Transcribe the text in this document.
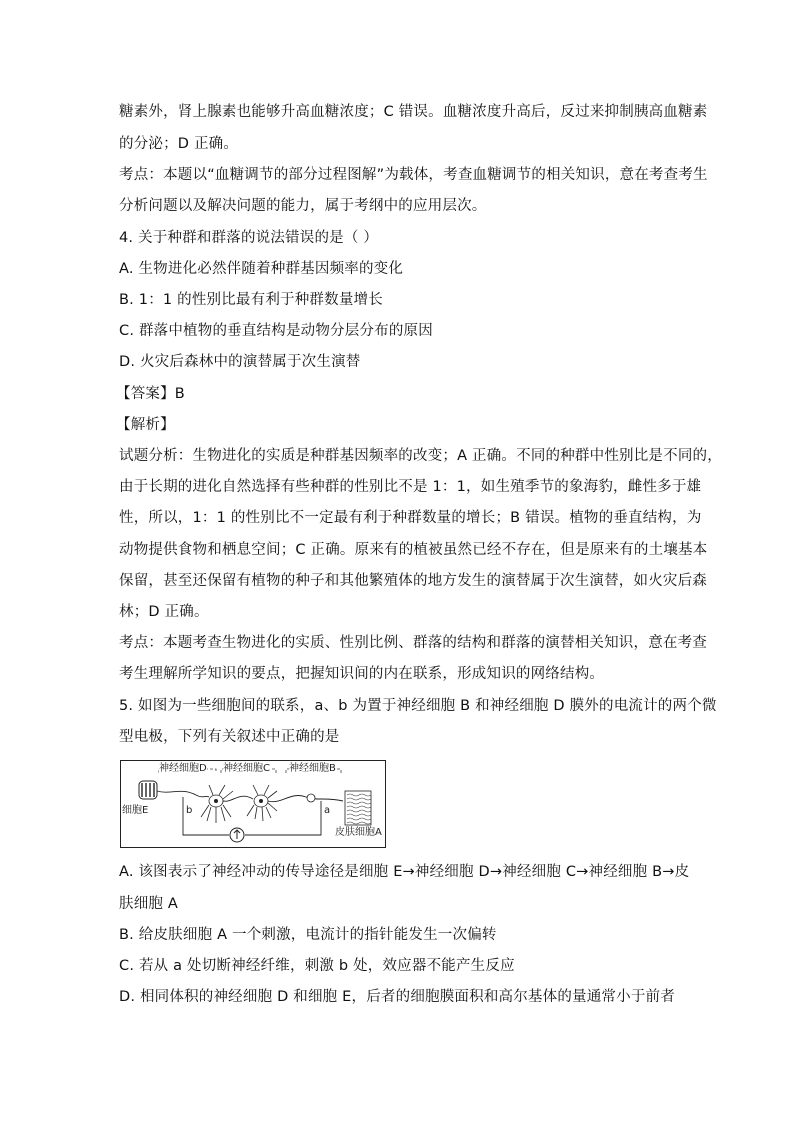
糖素外，肾上腺素也能够升高血糖浓度；C 错误。血糖浓度升高后，反过来抑制胰高血糖素
的分泌；D 正确。
考点：本题以“血糖调节的部分过程图解”为载体，考查血糖调节的相关知识，意在考查考生
分析问题以及解决问题的能力，属于考纲中的应用层次。
4. 关于种群和群落的说法错误的是（ ）
A. 生物进化必然伴随着种群基因频率的变化
B. 1：1 的性别比最有利于种群数量增长
C. 群落中植物的垂直结构是动物分层分布的原因
D. 火灾后森林中的演替属于次生演替
【答案】B
【解析】
试题分析：生物进化的实质是种群基因频率的改变；A 正确。不同的种群中性别比是不同的，
由于长期的进化自然选择有些种群的性别比不是 1：1，如生殖季节的象海豹，雌性多于雄
性，所以，1：1 的性别比不一定最有利于种群数量的增长；B 错误。植物的垂直结构，为
动物提供食物和栖息空间；C 正确。原来有的植被虽然已经不存在，但是原来有的土壤基本
保留，甚至还保留有植物的种子和其他繁殖体的地方发生的演替属于次生演替，如火灾后森
林；D 正确。
考点：本题考查生物进化的实质、性别比例、群落的结构和群落的演替相关知识，意在考查
考生理解所学知识的要点，把握知识间的内在联系，形成知识的网络结构。
5. 如图为一些细胞间的联系，a、b 为置于神经细胞 B 和神经细胞 D 膜外的电流计的两个微
型电极，下列有关叙述中正确的是
神经细胞D 神经细胞C 神经细胞B
细胞E
皮肤细胞A
b	a
A. 该图表示了神经冲动的传导途径是细胞 E→神经细胞 D→神经细胞 C→神经细胞 B→皮
肤细胞 A
B. 给皮肤细胞 A 一个刺激，电流计的指针能发生一次偏转
C. 若从 a 处切断神经纤维，刺激 b 处，效应器不能产生反应
D. 相同体积的神经细胞 D 和细胞 E，后者的细胞膜面积和高尔基体的量通常小于前者
